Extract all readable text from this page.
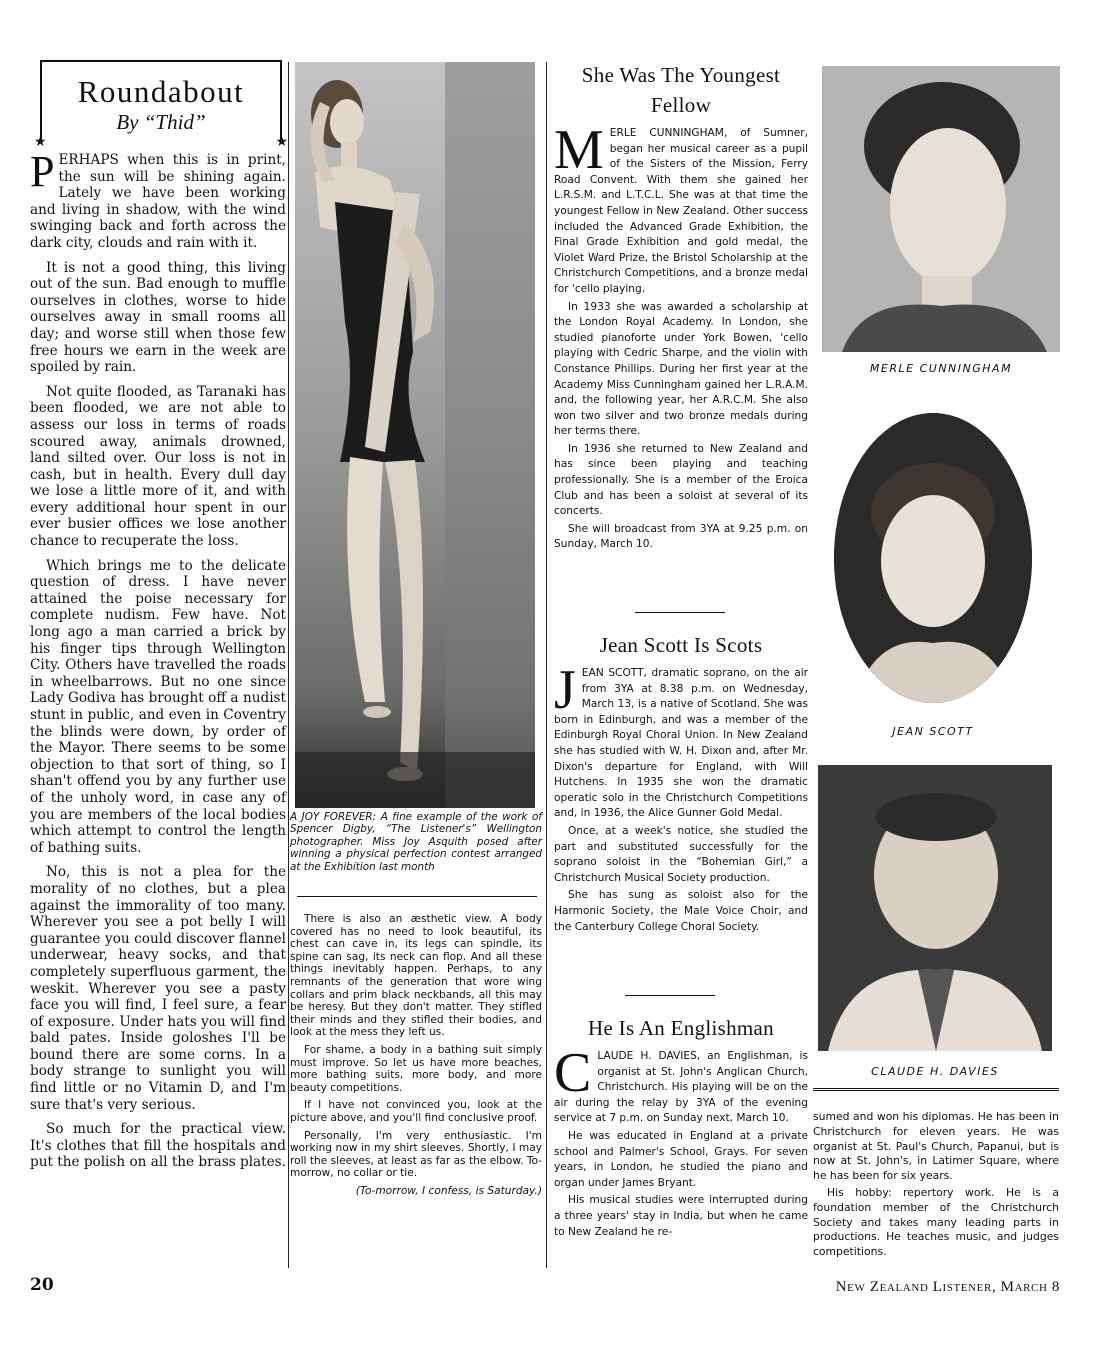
Roundabout
By “Thid”
★	★

PERHAPS when this is in print, the sun will be shining again. Lately we have been working and living in shadow, with the wind swinging back and forth across the dark city, clouds and rain with it.

It is not a good thing, this living out of the sun. Bad enough to muffle ourselves in clothes, worse to hide ourselves away in small rooms all day; and worse still when those few free hours we earn in the week are spoiled by rain.

Not quite flooded, as Taranaki has been flooded, we are not able to assess our loss in terms of roads scoured away, animals drowned, land silted over. Our loss is not in cash, but in health. Every dull day we lose a little more of it, and with every additional hour spent in our ever busier offices we lose another chance to recuperate the loss.

Which brings me to the delicate question of dress. I have never attained the poise necessary for complete nudism. Few have. Not long ago a man carried a brick by his finger tips through Wellington City. Others have travelled the roads in wheelbarrows. But no one since Lady Godiva has brought off a nudist stunt in public, and even in Coventry the blinds were down, by order of the Mayor. There seems to be some objection to that sort of thing, so I shan't offend you by any further use of the unholy word, in case any of you are members of the local bodies which attempt to control the length of bathing suits.

No, this is not a plea for the morality of no clothes, but a plea against the immorality of too many. Wherever you see a pot belly I will guarantee you could discover flannel underwear, heavy socks, and that completely superfluous garment, the weskit. Wherever you see a pasty face you will find, I feel sure, a fear of exposure. Under hats you will find bald pates. Inside goloshes I'll be bound there are some corns. In a body strange to sunlight you will find little or no Vitamin D, and I'm sure that's very serious.

So much for the practical view. It's clothes that fill the hospitals and put the polish on all the brass plates.

A JOY FOREVER: A fine example of the work of Spencer Digby, “The Listener's” Wellington photographer. Miss Joy Asquith posed after winning a physical perfection contest arranged at the Exhibition last month

There is also an æsthetic view. A body covered has no need to look beautiful, its chest can cave in, its legs can spindle, its spine can sag, its neck can flop. And all these things inevitably happen. Perhaps, to any remnants of the generation that wore wing collars and prim black neckbands, all this may be heresy. But they don't matter. They stifled their minds and they stifled their bodies, and look at the mess they left us.

For shame, a body in a bathing suit simply must improve. So let us have more beaches, more bathing suits, more body, and more beauty competitions.

If I have not convinced you, look at the picture above, and you'll find conclusive proof.

Personally, I'm very enthusiastic. I'm working now in my shirt sleeves. Shortly, I may roll the sleeves, at least as far as the elbow. To-morrow, no collar or tie.

(To-morrow, I confess, is Saturday.)

She Was The Youngest
Fellow

MERLE CUNNINGHAM, of Sumner, began her musical career as a pupil of the Sisters of the Mission, Ferry Road Convent. With them she gained her L.R.S.M. and L.T.C.L. She was at that time the youngest Fellow in New Zealand. Other success included the Advanced Grade Exhibition, the Final Grade Exhibition and gold medal, the Violet Ward Prize, the Bristol Scholarship at the Christchurch Competitions, and a bronze medal for 'cello playing.

In 1933 she was awarded a scholarship at the London Royal Academy. In London, she studied pianoforte under York Bowen, 'cello playing with Cedric Sharpe, and the violin with Constance Phillips. During her first year at the Academy Miss Cunningham gained her L.R.A.M. and, the following year, her A.R.C.M. She also won two silver and two bronze medals during her terms there.

In 1936 she returned to New Zealand and has since been playing and teaching professionally. She is a member of the Eroica Club and has been a soloist at several of its concerts.

She will broadcast from 3YA at 9.25 p.m. on Sunday, March 10.

Jean Scott Is Scots

JEAN SCOTT, dramatic soprano, on the air from 3YA at 8.38 p.m. on Wednesday, March 13, is a native of Scotland. She was born in Edinburgh, and was a member of the Edinburgh Royal Choral Union. In New Zealand she has studied with W. H. Dixon and, after Mr. Dixon's departure for England, with Will Hutchens. In 1935 she won the dramatic operatic solo in the Christchurch Competitions and, in 1936, the Alice Gunner Gold Medal.

Once, at a week's notice, she studied the part and substituted successfully for the soprano soloist in the “Bohemian Girl,” a Christchurch Musical Society production.

She has sung as soloist also for the Harmonic Society, the Male Voice Choir, and the Canterbury College Choral Society.

He Is An Englishman

CLAUDE H. DAVIES, an Englishman, is organist at St. John's Anglican Church, Christchurch. His playing will be on the air during the relay by 3YA of the evening service at 7 p.m. on Sunday next, March 10.

He was educated in England at a private school and Palmer's School, Grays. For seven years, in London, he studied the piano and organ under James Bryant.

His musical studies were interrupted during a three years' stay in India, but when he came to New Zealand he re-

MERLE CUNNINGHAM
JEAN SCOTT
CLAUDE H. DAVIES

sumed and won his diplomas. He has been in Christchurch for eleven years. He was organist at St. Paul's Church, Papanui, but is now at St. John's, in Latimer Square, where he has been for six years.

His hobby: repertory work. He is a foundation member of the Christchurch Society and takes many leading parts in productions. He teaches music, and judges competitions.

20	New Zealand Listener, March 8
